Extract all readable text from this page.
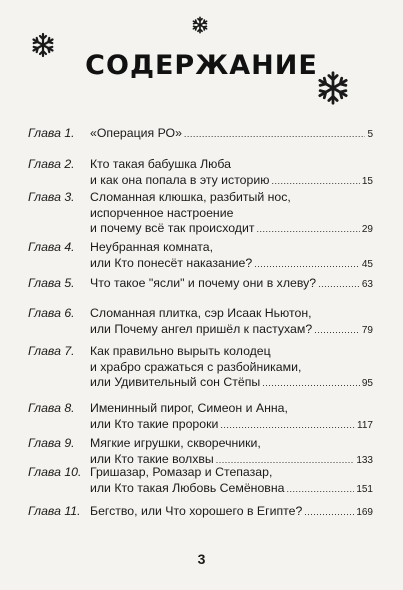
СОДЕРЖАНИЕ
Глава 1. «Операция РО» .....	5
Глава 2. Кто такая бабушка Люба
и как она попала в эту историю .....	15
Глава 3. Сломанная клюшка, разбитый нос,
испорченное настроение
и почему всё так происходит .....	29
Глава 4. Неубранная комната,
или Кто понесёт наказание? .....	45
Глава 5. Что такое "ясли" и почему они в хлеву? .....	63
Глава 6. Сломанная плитка, сэр Исаак Ньютон,
или Почему ангел пришёл к пастухам? .....	79
Глава 7. Как правильно вырыть колодец
и храбро сражаться с разбойниками,
или Удивительный сон Стёпы .....	95
Глава 8. Именинный пирог, Симеон и Анна,
или Кто такие пророки .....	117
Глава 9. Мягкие игрушки, скворечники,
или Кто такие волхвы .....	133
Глава 10. Гришазар, Ромазар и Степазар,
или Кто такая Любовь Семёновна .....	151
Глава 11. Бегство, или Что хорошего в Египте? .....	169
3
